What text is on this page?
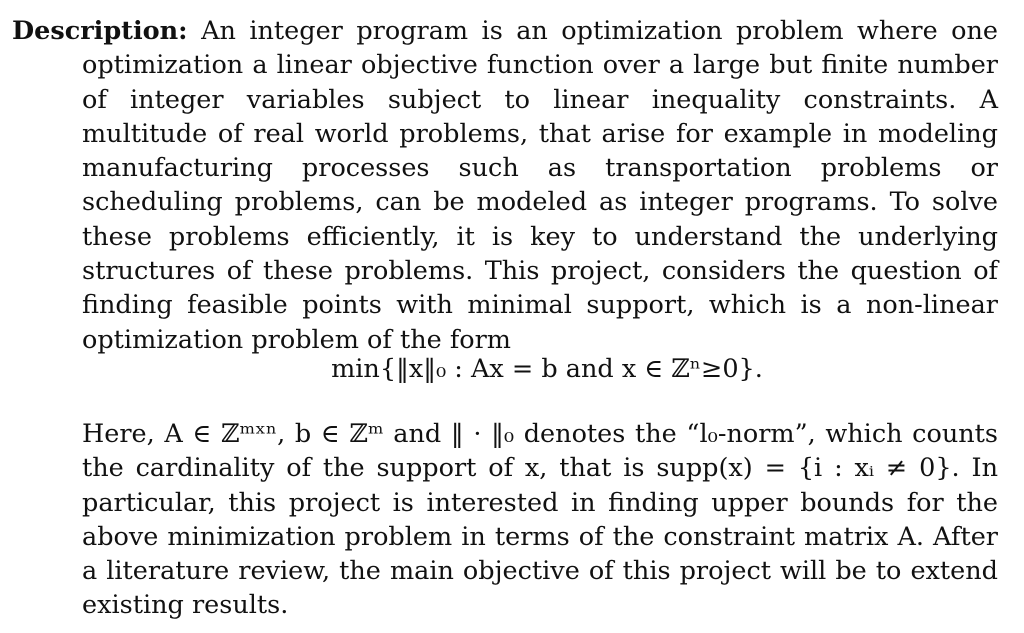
Description: An integer program is an optimization problem where one optimization a linear objective function over a large but finite number of integer variables subject to linear inequality constraints. A multitude of real world problems, that arise for example in modeling manufacturing processes such as transportation problems or scheduling problems, can be modeled as integer programs. To solve these problems efficiently, it is key to understand the underlying structures of these problems. This project, considers the question of finding feasible points with minimal support, which is a non-linear optimization problem of the form
min{‖x‖₀ : Ax = b and x ∈ ℤⁿ≥0}.
Here, A ∈ ℤᵐˣⁿ, b ∈ ℤᵐ and ‖ · ‖₀ denotes the “l₀-norm”, which counts the cardinality of the support of x, that is supp(x) = {i : xᵢ ≠ 0}. In particular, this project is interested in finding upper bounds for the above minimization problem in terms of the constraint matrix A. After a literature review, the main objective of this project will be to extend existing results.
